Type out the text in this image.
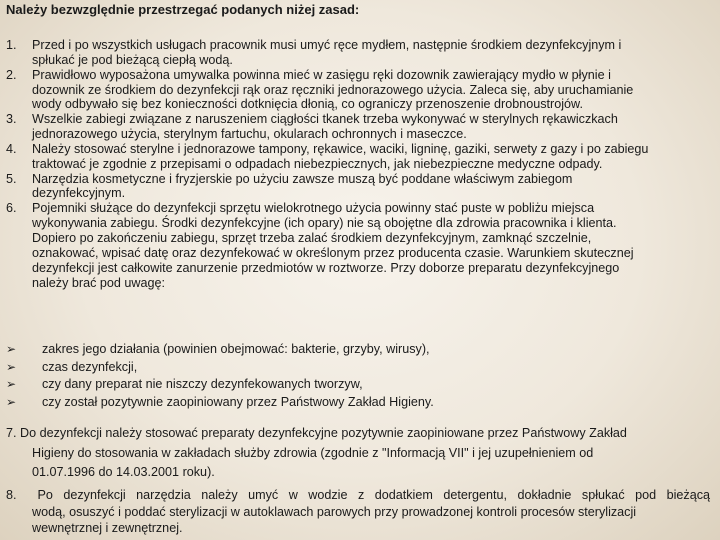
Należy bezwzględnie przestrzegać podanych niżej zasad:
1. Przed i po wszystkich usługach pracownik musi umyć ręce mydłem, następnie środkiem dezynfekcyjnym i
spłukać je pod bieżącą ciepłą wodą.
2. Prawidłowo wyposażona umywalka powinna mieć w zasięgu ręki dozownik zawierający mydło w płynie i
dozownik ze środkiem do dezynfekcji rąk oraz ręczniki jednorazowego użycia. Zaleca się, aby uruchamianie
wody odbywało się bez konieczności dotknięcia dłonią, co ograniczy przenoszenie drobnoustrojów.
3. Wszelkie zabiegi związane z naruszeniem ciągłości tkanek trzeba wykonywać w sterylnych rękawiczkach
jednorazowego użycia, sterylnym fartuchu, okularach ochronnych i maseczce.
4. Należy stosować sterylne i jednorazowe tampony, rękawice, waciki, ligninę, gaziki, serwety z gazy i po zabiegu
traktować je zgodnie z przepisami o odpadach niebezpiecznych, jak niebezpieczne medyczne odpady.
5. Narzędzia kosmetyczne i fryzjerskie po użyciu zawsze muszą być poddane właściwym zabiegom
dezynfekcyjnym.
6. Pojemniki służące do dezynfekcji sprzętu wielokrotnego użycia powinny stać puste w pobliżu miejsca
wykonywania zabiegu. Środki dezynfekcyjne (ich opary) nie są obojętne dla zdrowia pracownika i klienta.
Dopiero po zakończeniu zabiegu, sprzęt trzeba zalać środkiem dezynfekcyjnym, zamknąć szczelnie,
oznakować, wpisać datę oraz dezynfekować w określonym przez producenta czasie. Warunkiem skutecznej
dezynfekcji jest całkowite zanurzenie przedmiotów w roztworze. Przy doborze preparatu dezynfekcyjnego
należy brać pod uwagę:
➢	zakres jego działania (powinien obejmować: bakterie, grzyby, wirusy),
➢	czas dezynfekcji,
➢	czy dany preparat nie niszczy dezynfekowanych tworzyw,
➢	czy został pozytywnie zaopiniowany przez Państwowy Zakład Higieny.
7. Do dezynfekcji należy stosować preparaty dezynfekcyjne pozytywnie zaopiniowane przez Państwowy Zakład
Higieny do stosowania w zakładach służby zdrowia (zgodnie z "Informacją VII" i jej uzupełnieniem od
01.07.1996 do 14.03.2001 roku).
8. Po dezynfekcji narzędzia należy umyć w wodzie z dodatkiem detergentu, dokładnie spłukać pod bieżącą
wodą, osuszyć i poddać sterylizacji w autoklawach parowych przy prowadzonej kontroli procesów sterylizacji
wewnętrznej i zewnętrznej.
